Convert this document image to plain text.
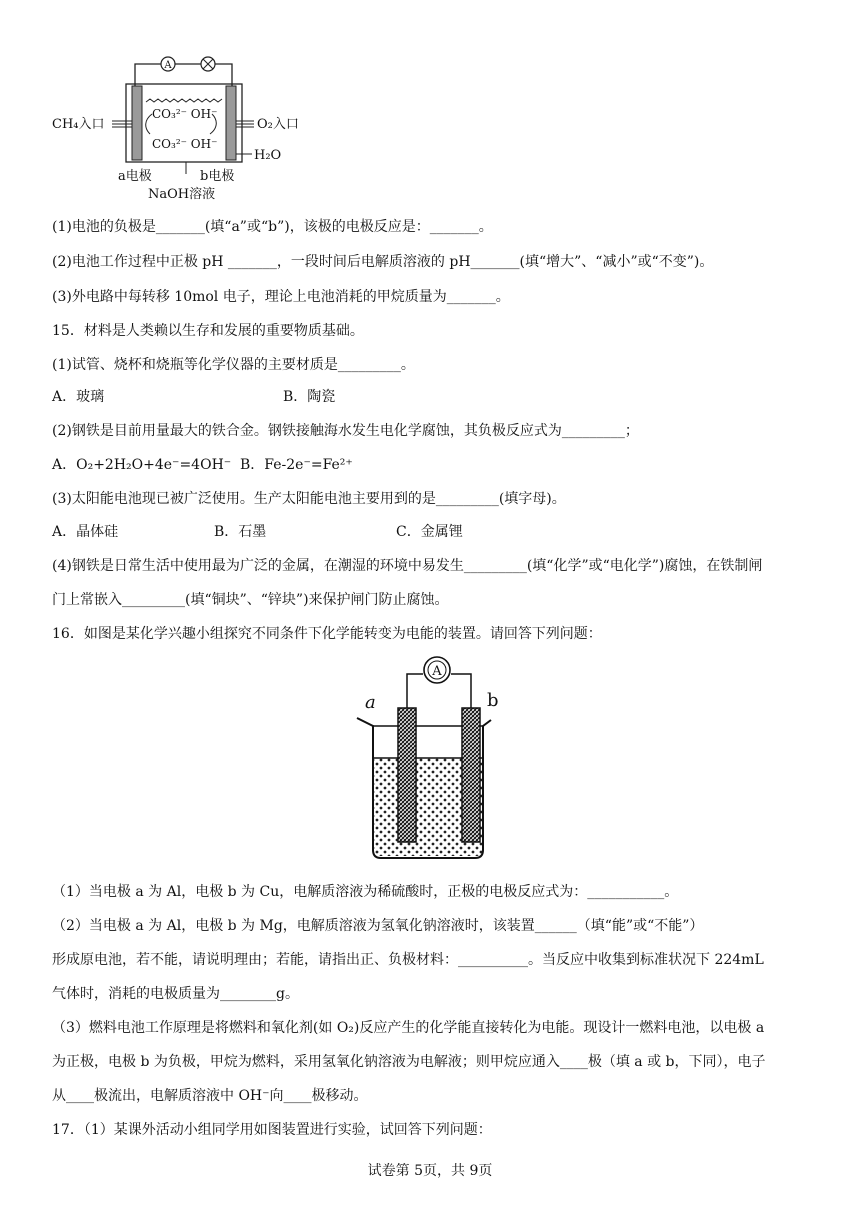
A
CO₃²⁻ OH⁻
CO₃²⁻ OH⁻
CH₄入口	O₂入口
H₂O
a电极	b电极
NaOH溶液
(1)电池的负极是_______(填“a”或“b”)，该极的电极反应是：_______。
(2)电池工作过程中正极 pH _______，一段时间后电解质溶液的 pH_______(填“增大”、“减小”或“不变”)。
(3)外电路中每转移 10mol 电子，理论上电池消耗的甲烷质量为_______。
15．材料是人类赖以生存和发展的重要物质基础。
(1)试管、烧杯和烧瓶等化学仪器的主要材质是_________。
A．玻璃	B．陶瓷
(2)钢铁是目前用量最大的铁合金。钢铁接触海水发生电化学腐蚀，其负极反应式为_________；
A．O₂+2H₂O+4e⁻=4OH⁻ B．Fe-2e⁻=Fe²⁺
(3)太阳能电池现已被广泛使用。生产太阳能电池主要用到的是_________(填字母)。
A．晶体硅	B．石墨	C．金属锂
(4)钢铁是日常生活中使用最为广泛的金属，在潮湿的环境中易发生_________(填“化学”或“电化学”)腐蚀，在铁制闸
门上常嵌入_________(填“铜块”、“锌块”)来保护闸门防止腐蚀。
16．如图是某化学兴趣小组探究不同条件下化学能转变为电能的装置。请回答下列问题：
A
a	b
（1）当电极 a 为 Al，电极 b 为 Cu，电解质溶液为稀硫酸时，正极的电极反应式为：___________。
（2）当电极 a 为 Al，电极 b 为 Mg，电解质溶液为氢氧化钠溶液时，该装置______（填“能”或“不能”）
形成原电池，若不能，请说明理由；若能，请指出正、负极材料：__________。当反应中收集到标准状况下 224mL
气体时，消耗的电极质量为________g。
（3）燃料电池工作原理是将燃料和氧化剂(如 O₂)反应产生的化学能直接转化为电能。现设计一燃料电池，以电极 a
为正极，电极 b 为负极，甲烷为燃料，采用氢氧化钠溶液为电解液；则甲烷应通入____极（填 a 或 b，下同），电子
从____极流出，电解质溶液中 OH⁻向____极移动。
17．（1）某课外活动小组同学用如图装置进行实验，试回答下列问题：
试卷第 5页，共 9页
